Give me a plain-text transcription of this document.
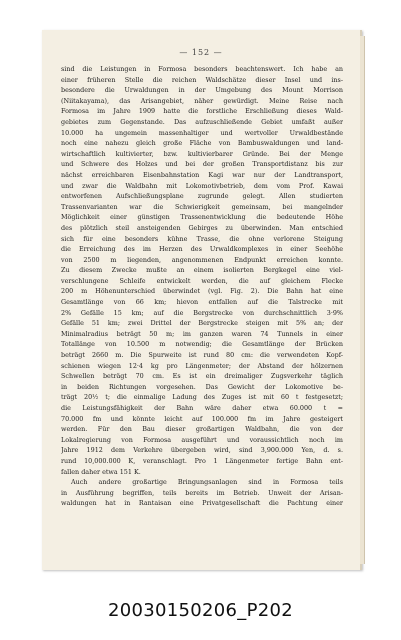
— 152 —
sind die Leistungen in Formosa besonders beachtenswert. Ich habe an
einer früheren Stelle die reichen Waldschätze dieser Insel und ins-
besondere die Urwaldungen in der Umgebung des Mount Morrison
(Niitakayama), das Arisangebiet, näher gewürdigt. Meine Reise nach
Formosa im Jahre 1909 hatte die forstliche Erschließung dieses Wald-
gebietes zum Gegenstande. Das aufzuschließende Gebiet umfaßt außer
10.000 ha ungemein massenhaltiger und wertvoller Urwaldbestände
noch eine nahezu gleich große Fläche von Bambuswaldungen und land-
wirtschaftlich kultivierter, bzw. kultivierbarer Gründe. Bei der Menge
und Schwere des Holzes und bei der großen Transportdistanz bis zur
nächst erreichbaren Eisenbahnstation Kagi war nur der Landtransport,
und zwar die Waldbahn mit Lokomotivbetrieb, dem vom Prof. Kawai
entworfenen Aufschließungsplane zugrunde gelegt. Allen studierten
Trassenvarianten war die Schwierigkeit gemeinsam, bei mangelnder
Möglichkeit einer günstigen Trassenentwicklung die bedeutende Höhe
des plötzlich steil ansteigenden Gebirges zu überwinden. Man entschied
sich für eine besonders kühne Trasse, die ohne verlorene Steigung
die Erreichung des im Herzen des Urwaldkomplexes in einer Seehöhe
von 2500 m liegenden, angenommenen Endpunkt erreichen konnte.
Zu diesem Zwecke mußte an einem isolierten Bergkegel eine viel-
verschlungene Schleife entwickelt werden, die auf gleichem Flecke
200 m Höhenunterschied überwindet (vgl. Fig. 2). Die Bahn hat eine
Gesamtlänge von 66 km; hievon entfallen auf die Talstrecke mit
2% Gefälle 15 km; auf die Bergstrecke von durchschnittlich 3·9%
Gefälle 51 km; zwei Drittel der Bergstrecke steigen mit 5% an; der
Minimalradius beträgt 50 m; im ganzen waren 74 Tunnels in einer
Totallänge von 10.500 m notwendig; die Gesamtlänge der Brücken
beträgt 2660 m. Die Spurweite ist rund 80 cm: die verwendeten Kopf-
schienen wiegen 12·4 kg pro Längenmeter; der Abstand der hölzernen
Schwellen beträgt 70 cm. Es ist ein dreimaliger Zugsverkehr täglich
in beiden Richtungen vorgesehen. Das Gewicht der Lokomotive be-
trägt 20½ t; die einmalige Ladung des Zuges ist mit 60 t festgesetzt;
die Leistungsfähigkeit der Bahn wäre daher etwa 60.000 t =
70.000 fm und könnte leicht auf 100.000 fm im Jahre gesteigert
werden. Für den Bau dieser großartigen Waldbahn, die von der
Lokalregierung von Formosa ausgeführt und voraussichtlich noch im
Jahre 1912 dem Verkehre übergeben wird, sind 3,900.000 Yen, d. s.
rund 10,000.000 K, veranschlagt. Pro 1 Längenmeter fertige Bahn ent-
fallen daher etwa 151 K.
Auch andere großartige Bringungsanlagen sind in Formosa teils
in Ausführung begriffen, teils bereits im Betrieb. Unweit der Arisan-
waldungen hat in Rantaisan eine Privatgesellschaft die Pachtung einer
20030150206_P202
